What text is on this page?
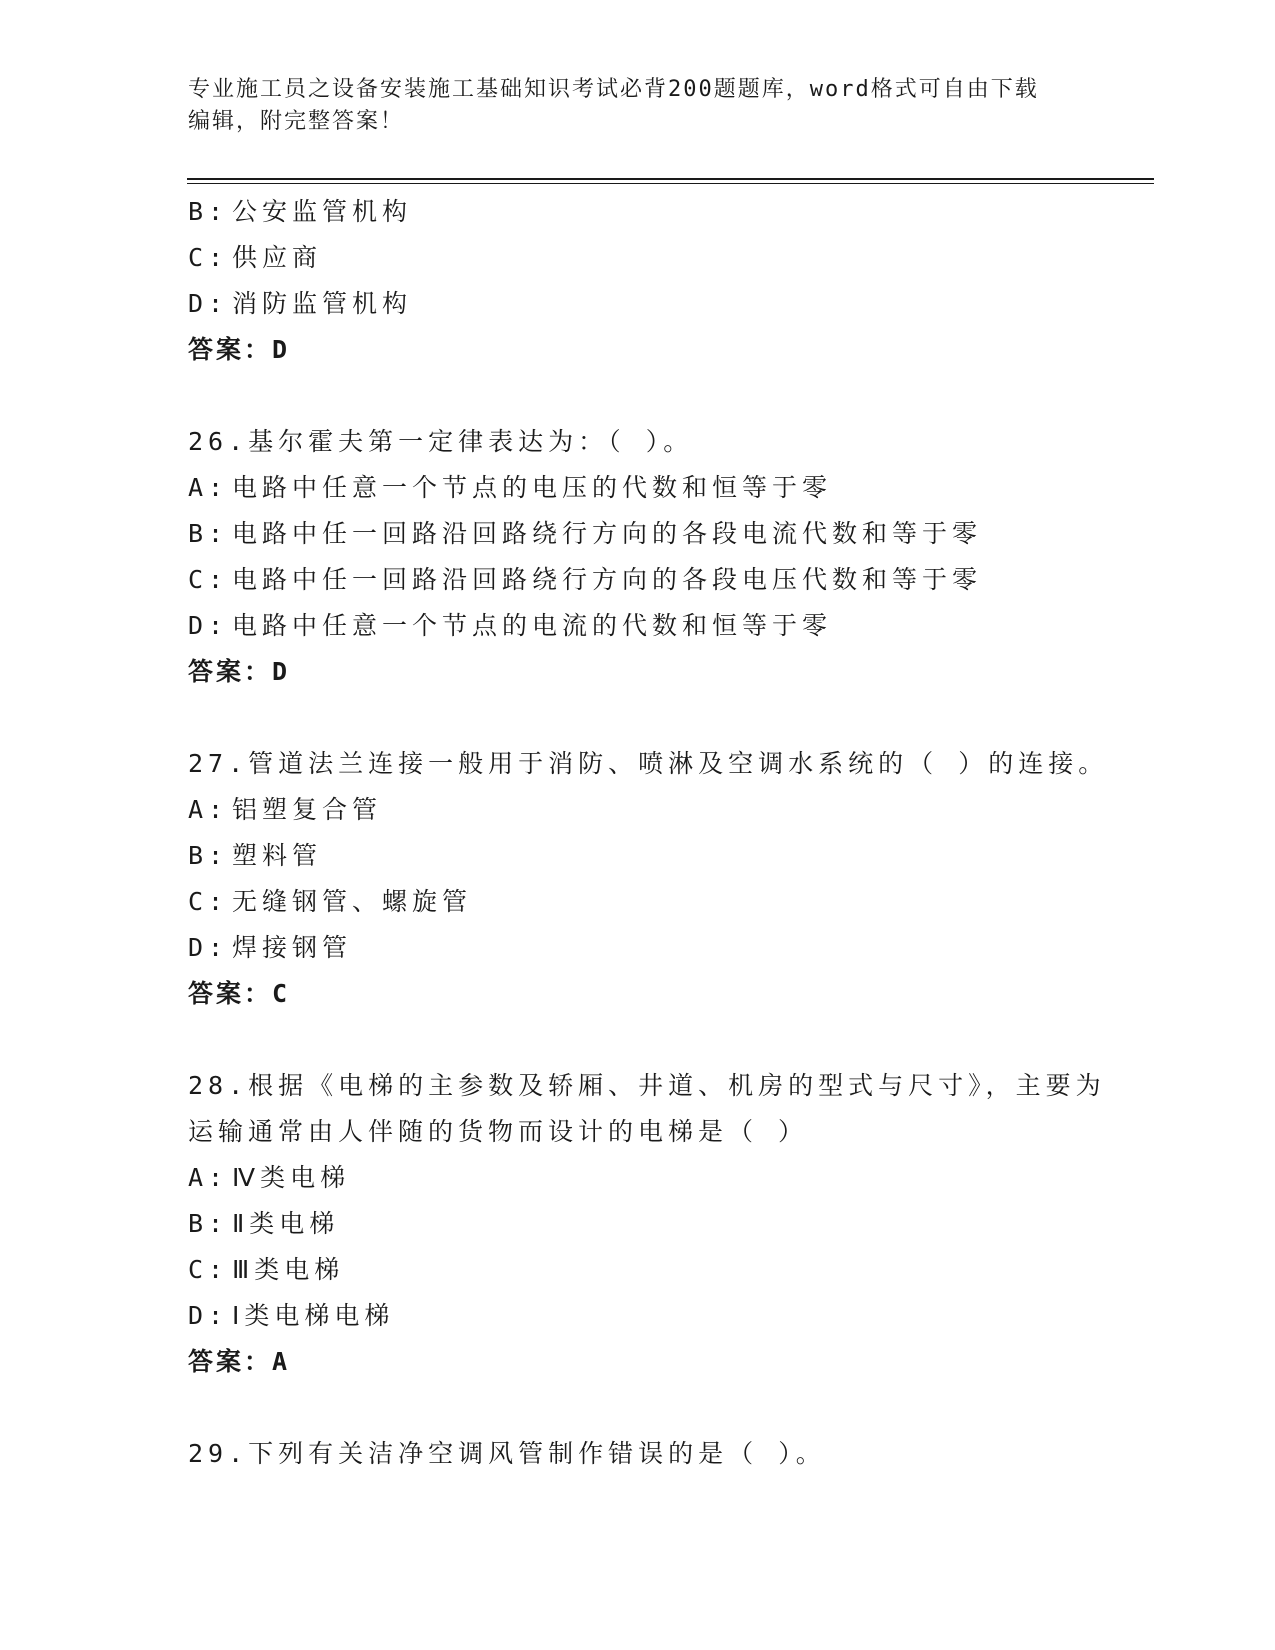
专业施工员之设备安装施工基础知识考试必背200题题库，word格式可自由下载
编辑，附完整答案！
B: 公安监管机构
C: 供应商
D: 消防监管机构
答案：D
26.基尔霍夫第一定律表达为：（ ）。
A: 电路中任意一个节点的电压的代数和恒等于零
B: 电路中任一回路沿回路绕行方向的各段电流代数和等于零
C: 电路中任一回路沿回路绕行方向的各段电压代数和等于零
D: 电路中任意一个节点的电流的代数和恒等于零
答案：D
27.管道法兰连接一般用于消防、喷淋及空调水系统的（ ）的连接。
A: 铝塑复合管
B: 塑料管
C: 无缝钢管、螺旋管
D: 焊接钢管
答案：C
28.根据《电梯的主参数及轿厢、井道、机房的型式与尺寸》，主要为
运输通常由人伴随的货物而设计的电梯是（ ）
A: Ⅳ类电梯
B: Ⅱ类电梯
C: Ⅲ类电梯
D: Ⅰ类电梯电梯
答案：A
29.下列有关洁净空调风管制作错误的是（ ）。
